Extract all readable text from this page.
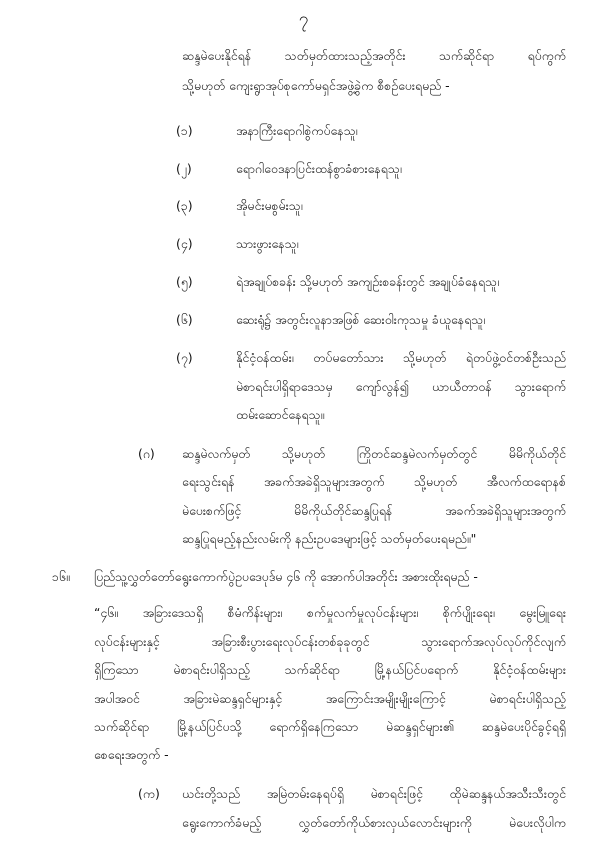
၇
ဆန္ဒမဲပေးနိုင်ရန် သတ်မှတ်ထားသည့်အတိုင်း သက်ဆိုင်ရာ ရပ်ကွက်
သို့မဟုတ် ကျေးရွာအုပ်စုကော်မရှင်အဖွဲ့ခွဲက စီစဉ်ပေးရမည် -
(၁)	အနာကြီးရောဂါစွဲကပ်နေသူ၊
(၂)	ရောဂါဝေဒနာပြင်းထန်စွာခံစားနေရသူ၊
(၃)	အိုမင်းမစွမ်းသူ၊
(၄)	သားဖွားနေသူ၊
(၅)	ရဲအချုပ်စခန်း သို့မဟုတ် အကျဉ်းစခန်းတွင် အချုပ်ခံနေရသူ၊
(၆)	ဆေးရုံ၌ အတွင်းလူနာအဖြစ် ဆေးဝါးကုသမှု ခံယူနေရသူ၊
(၇)	နိုင်ငံ့ဝန်ထမ်း၊ တပ်မတော်သား သို့မဟုတ် ရဲတပ်ဖွဲ့ဝင်တစ်ဦးသည်
မဲစာရင်းပါရှိရာဒေသမှ ကျော်လွန်၍ ယာယီတာဝန် သွားရောက်
ထမ်းဆောင်နေရသူ။
(ဂ) ဆန္ဒမဲလက်မှတ် သို့မဟုတ် ကြိုတင်ဆန္ဒမဲလက်မှတ်တွင် မိမိကိုယ်တိုင်
ရေးသွင်းရန် အခက်အခဲရှိသူများအတွက် သို့မဟုတ် အီလက်ထရောနစ်
မဲပေးစက်ဖြင့် မိမိကိုယ်တိုင်ဆန္ဒပြုရန် အခက်အခဲရှိသူများအတွက်
ဆန္ဒပြုရမည့်နည်းလမ်းကို နည်းဥပဒေများဖြင့် သတ်မှတ်ပေးရမည်။"
၁၆။ ပြည်သူ့လွှတ်တော်ရွေးကောက်ပွဲဥပဒေပုဒ်မ ၄၆ ကို အောက်ပါအတိုင်း အစားထိုးရမည် -
“၄၆။ အခြားဒေသရှိ စီမံကိန်းများ၊ စက်မှုလက်မှုလုပ်ငန်းများ၊ စိုက်ပျိုးရေး၊ မွေးမြူရေး
လုပ်ငန်းများနှင့် အခြားစီးပွားရေးလုပ်ငန်းတစ်ခုခုတွင် သွားရောက်အလုပ်လုပ်ကိုင်လျက်
ရှိကြသော မဲစာရင်းပါရှိသည့် သက်ဆိုင်ရာ မြို့နယ်ပြင်ပရောက် နိုင်ငံ့ဝန်ထမ်းများ
အပါအဝင် အခြားမဲဆန္ဒရှင်များနှင့် အကြောင်းအမျိုးမျိုးကြောင့် မဲစာရင်းပါရှိသည့်
သက်ဆိုင်ရာ မြို့နယ်ပြင်ပသို့ ရောက်ရှိနေကြသော မဲဆန္ဒရှင်များ၏ ဆန္ဒမဲပေးပိုင်ခွင့်ရရှိ
စေရေးအတွက် -
(က) ယင်းတို့သည် အမြဲတမ်းနေရပ်ရှိ မဲစာရင်းဖြင့် ထိုမဲဆန္ဒနယ်အသီးသီးတွင်
ရွေးကောက်ခံမည့် လွှတ်တော်ကိုယ်စားလှယ်လောင်းများကို မဲပေးလိုပါက
